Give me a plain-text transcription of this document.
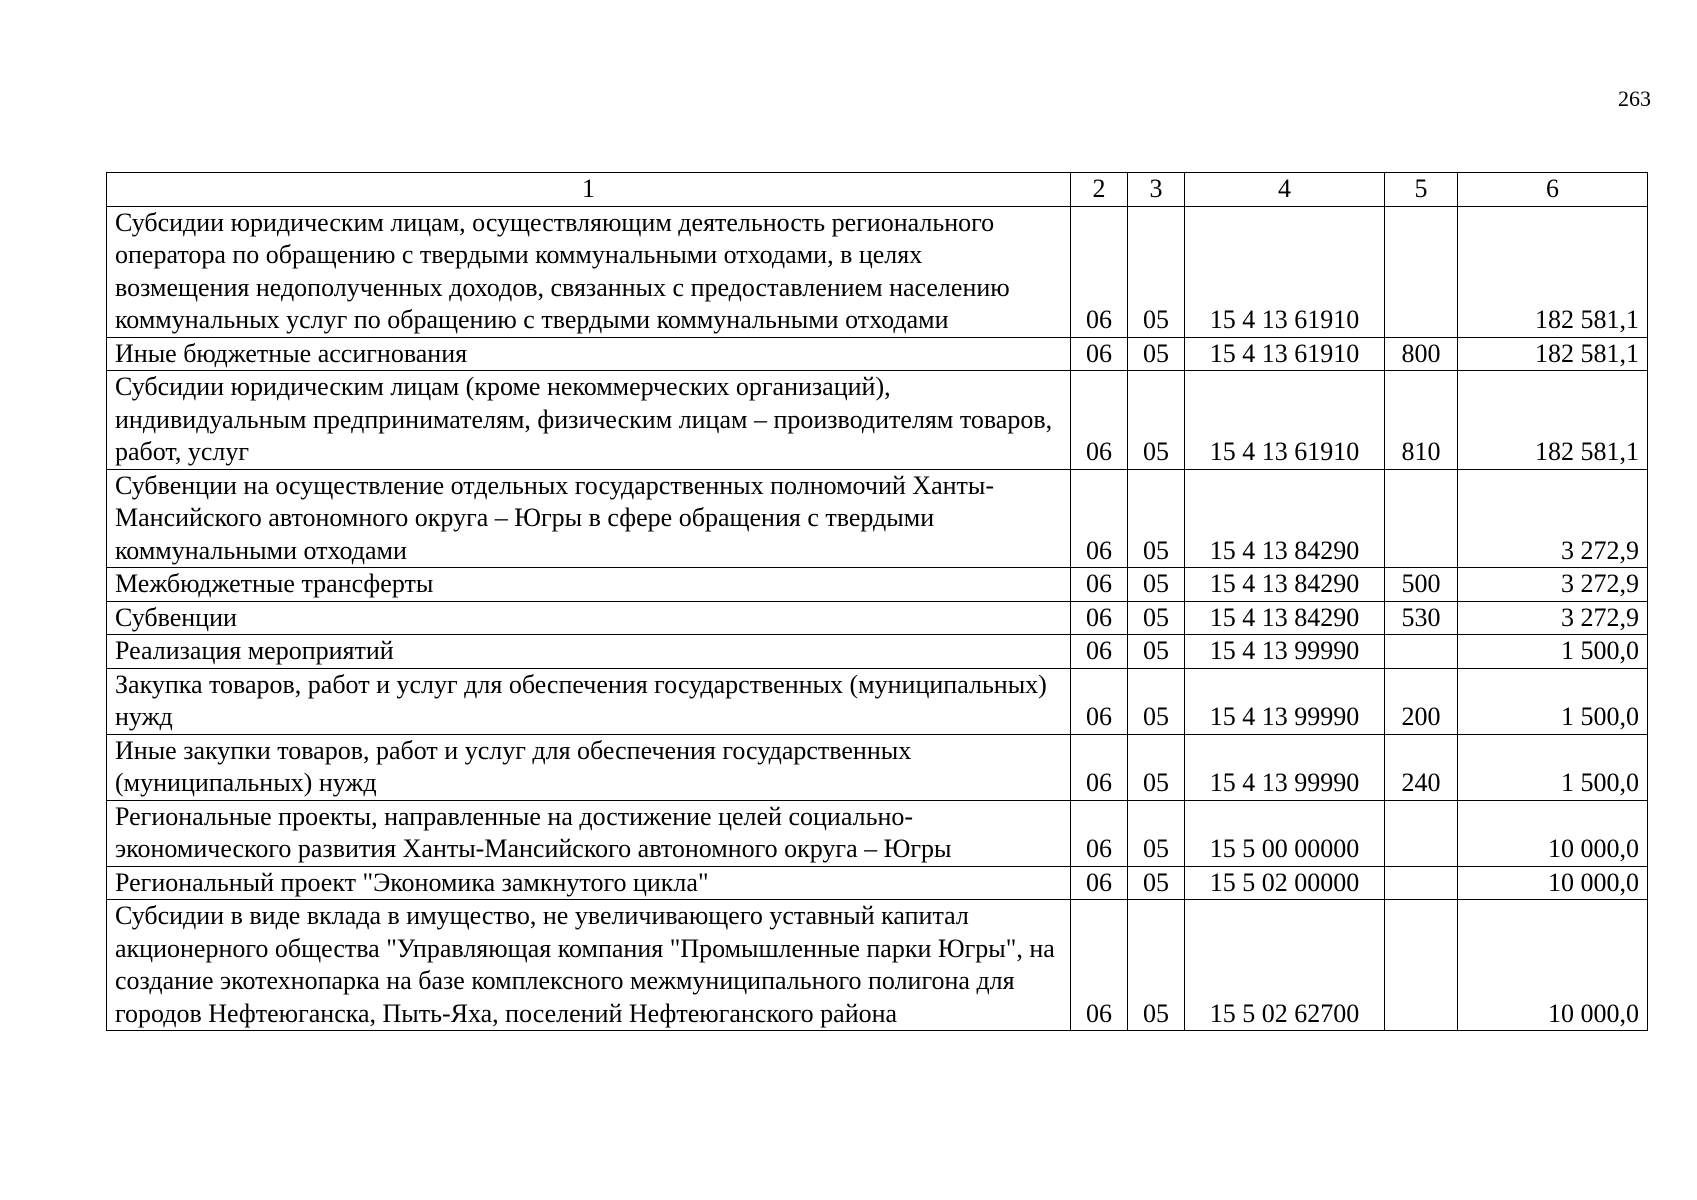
263
1	2	3	4	5	6
Субсидии юридическим лицам, осуществляющим деятельность регионального оператора по обращению с твердыми коммунальными отходами, в целях возмещения недополученных доходов, связанных с предоставлением населению коммунальных услуг по обращению с твердыми коммунальными отходами	06	05	15 4 13 61910		182 581,1
Иные бюджетные ассигнования	06	05	15 4 13 61910	800	182 581,1
Субсидии юридическим лицам (кроме некоммерческих организаций), индивидуальным предпринимателям, физическим лицам – производителям товаров, работ, услуг	06	05	15 4 13 61910	810	182 581,1
Субвенции на осуществление отдельных государственных полномочий Ханты-Мансийского автономного округа – Югры в сфере обращения с твердыми коммунальными отходами	06	05	15 4 13 84290		3 272,9
Межбюджетные трансферты	06	05	15 4 13 84290	500	3 272,9
Субвенции	06	05	15 4 13 84290	530	3 272,9
Реализация мероприятий	06	05	15 4 13 99990		1 500,0
Закупка товаров, работ и услуг для обеспечения государственных (муниципальных) нужд	06	05	15 4 13 99990	200	1 500,0
Иные закупки товаров, работ и услуг для обеспечения государственных (муниципальных) нужд	06	05	15 4 13 99990	240	1 500,0
Региональные проекты, направленные на достижение целей социально-экономического развития Ханты-Мансийского автономного округа – Югры	06	05	15 5 00 00000		10 000,0
Региональный проект "Экономика замкнутого цикла"	06	05	15 5 02 00000		10 000,0
Субсидии в виде вклада в имущество, не увеличивающего уставный капитал акционерного общества "Управляющая компания "Промышленные парки Югры", на создание экотехнопарка на базе комплексного межмуниципального полигона для городов Нефтеюганска, Пыть-Яха, поселений Нефтеюганского района	06	05	15 5 02 62700		10 000,0
